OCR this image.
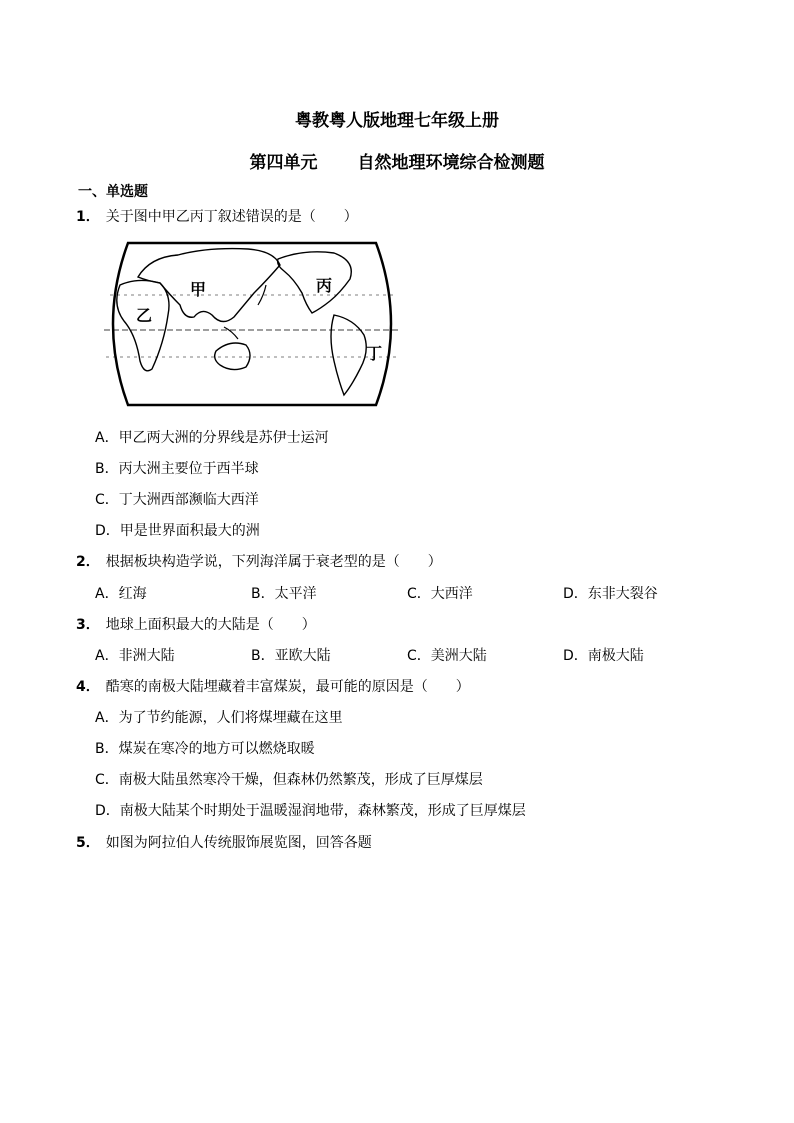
粤教粤人版地理七年级上册
第四单元 自然地理环境综合检测题
一、单选题
1． 关于图中甲乙丙丁叙述错误的是（　　）
甲
乙
丙
丁
A．甲乙两大洲的分界线是苏伊士运河
B．丙大洲主要位于西半球
C．丁大洲西部濒临大西洋
D．甲是世界面积最大的洲
2． 根据板块构造学说，下列海洋属于衰老型的是（　　）
A．红海	B．太平洋	C．大西洋	D．东非大裂谷
3． 地球上面积最大的大陆是（　　）
A．非洲大陆	B．亚欧大陆	C．美洲大陆	D．南极大陆
4． 酷寒的南极大陆埋藏着丰富煤炭，最可能的原因是（　　）
A．为了节约能源，人们将煤埋藏在这里
B．煤炭在寒冷的地方可以燃烧取暖
C．南极大陆虽然寒冷干燥，但森林仍然繁茂，形成了巨厚煤层
D．南极大陆某个时期处于温暖湿润地带，森林繁茂，形成了巨厚煤层
5． 如图为阿拉伯人传统服饰展览图，回答各题
